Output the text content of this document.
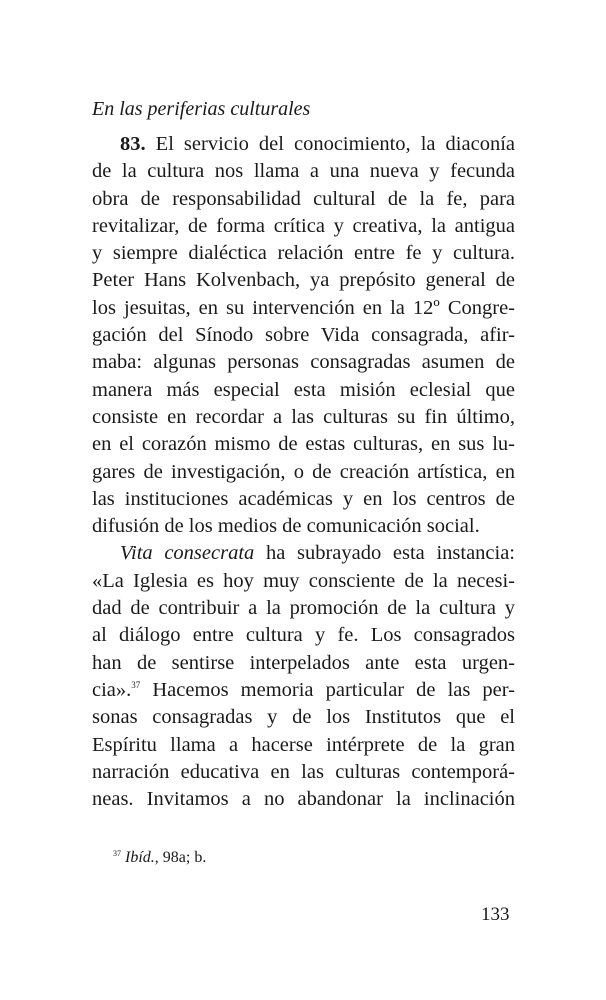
En las periferias culturales
83. El servicio del conocimiento, la diaconía
de la cultura nos llama a una nueva y fecunda
obra de responsabilidad cultural de la fe, para
revitalizar, de forma crítica y creativa, la antigua
y siempre dialéctica relación entre fe y cultura.
Peter Hans Kolvenbach, ya prepósito general de
los jesuitas, en su intervención en la 12º Congre-
gación del Sínodo sobre Vida consagrada, afir-
maba: algunas personas consagradas asumen de
manera más especial esta misión eclesial que
consiste en recordar a las culturas su fin último,
en el corazón mismo de estas culturas, en sus lu-
gares de investigación, o de creación artística, en
las instituciones académicas y en los centros de
difusión de los medios de comunicación social.
Vita consecrata ha subrayado esta instancia:
«La Iglesia es hoy muy consciente de la necesi-
dad de contribuir a la promoción de la cultura y
al diálogo entre cultura y fe. Los consagrados
han de sentirse interpelados ante esta urgen-
cia».$^{37}$ Hacemos memoria particular de las per-
sonas consagradas y de los Institutos que el
Espíritu llama a hacerse intérprete de la gran
narración educativa en las culturas contemporá-
neas. Invitamos a no abandonar la inclinación
$^{37}$ Ibíd., 98a; b.
133
